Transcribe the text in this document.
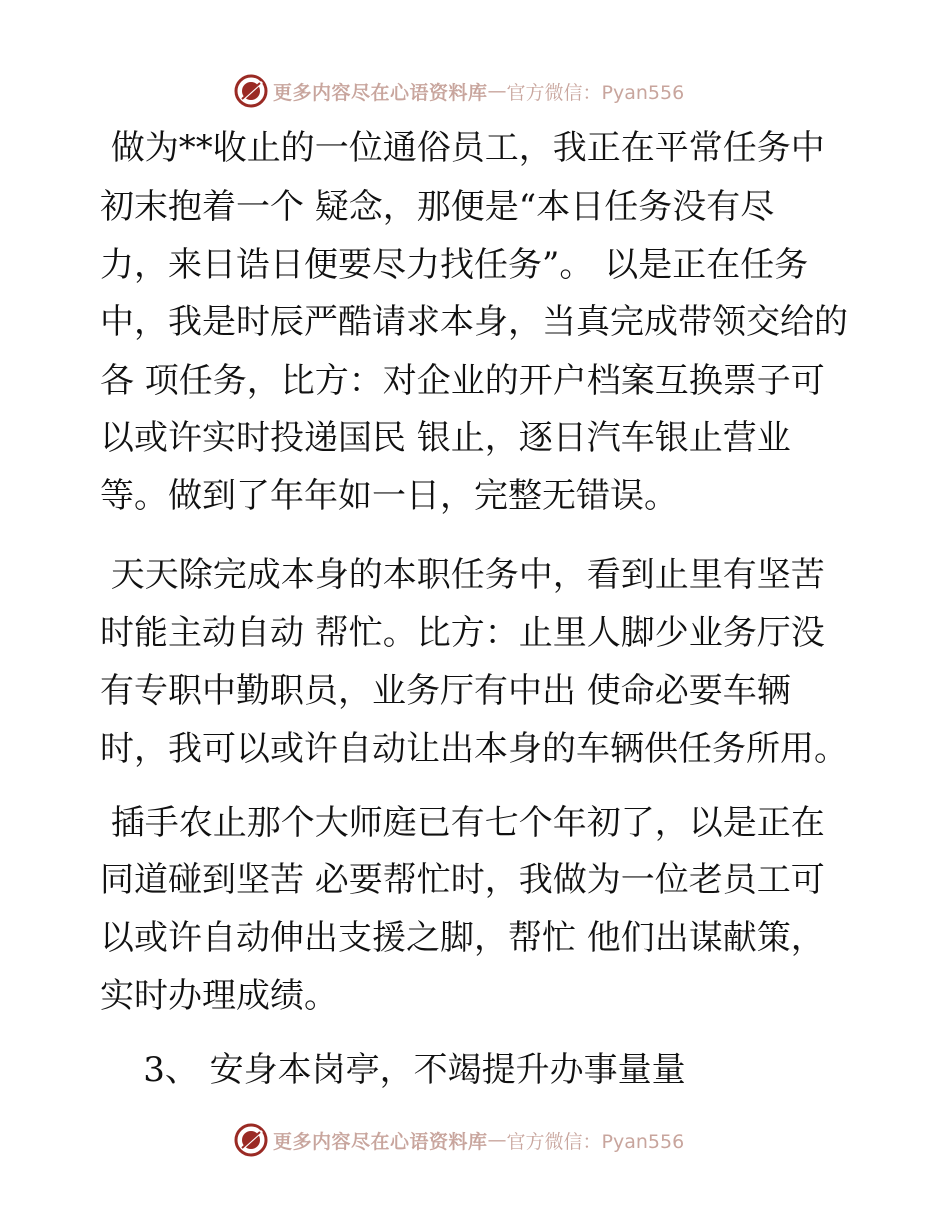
更多内容尽在心语资料库 — 官方微信：Pyan556
做为**收止的一位通俗员工，我正在平常任务中
初末抱着一个 疑念，那便是“本日任务没有尽
力，来日诰日便要尽力找任务”。 以是正在任务
中，我是时辰严酷请求本身，当真完成带领交给的
各 项任务，比方：对企业的开户档案互换票子可
以或许实时投递国民 银止，逐日汽车银止营业
等。做到了年年如一日，完整无错误。
天天除完成本身的本职任务中，看到止里有坚苦
时能主动自动 帮忙。比方：止里人脚少业务厅没
有专职中勤职员，业务厅有中出 使命必要车辆
时，我可以或许自动让出本身的车辆供任务所用。
插手农止那个大师庭已有七个年初了，以是正在
同道碰到坚苦 必要帮忙时，我做为一位老员工可
以或许自动伸出支援之脚，帮忙 他们出谋献策，
实时办理成绩。
3、 安身本岗亭，不竭提升办事量量
更多内容尽在心语资料库 — 官方微信：Pyan556
